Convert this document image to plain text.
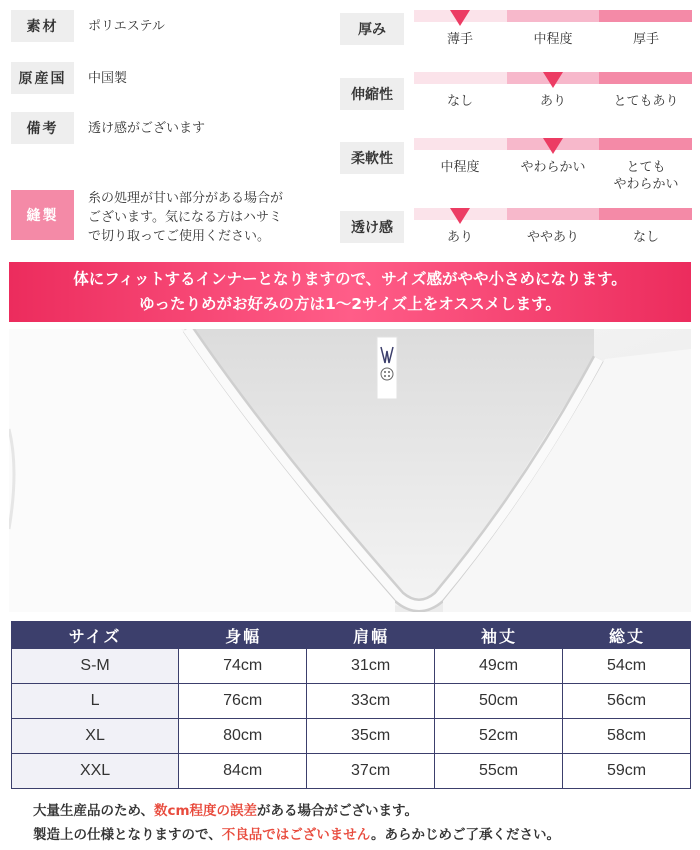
素材	ポリエステル
原産国	中国製
備考	透け感がございます
縫製
糸の処理が甘い部分がある場合が
ございます。気になる方はハサミ
で切り取ってご使用ください。
厚み
薄手	中程度	厚手
伸縮性	なし	あり	とてもあり
柔軟性
中程度	やわらかい	とても
やわらかい
透け感
あり	ややあり	なし
体にフィットするインナーとなりますので、サイズ感がやや小さめになります。
ゆったりめがお好みの方は1〜2サイズ上をオススメします。
サイズ	身幅	肩幅	袖丈	総丈
S-M	74cm	31cm	49cm	54cm
L	76cm	33cm	50cm	56cm
XL	80cm	35cm	52cm	58cm
XXL	84cm	37cm	55cm	59cm
大量生産品のため、数cm程度の誤差がある場合がございます。
製造上の仕様となりますので、不良品ではございません。あらかじめご了承ください。
